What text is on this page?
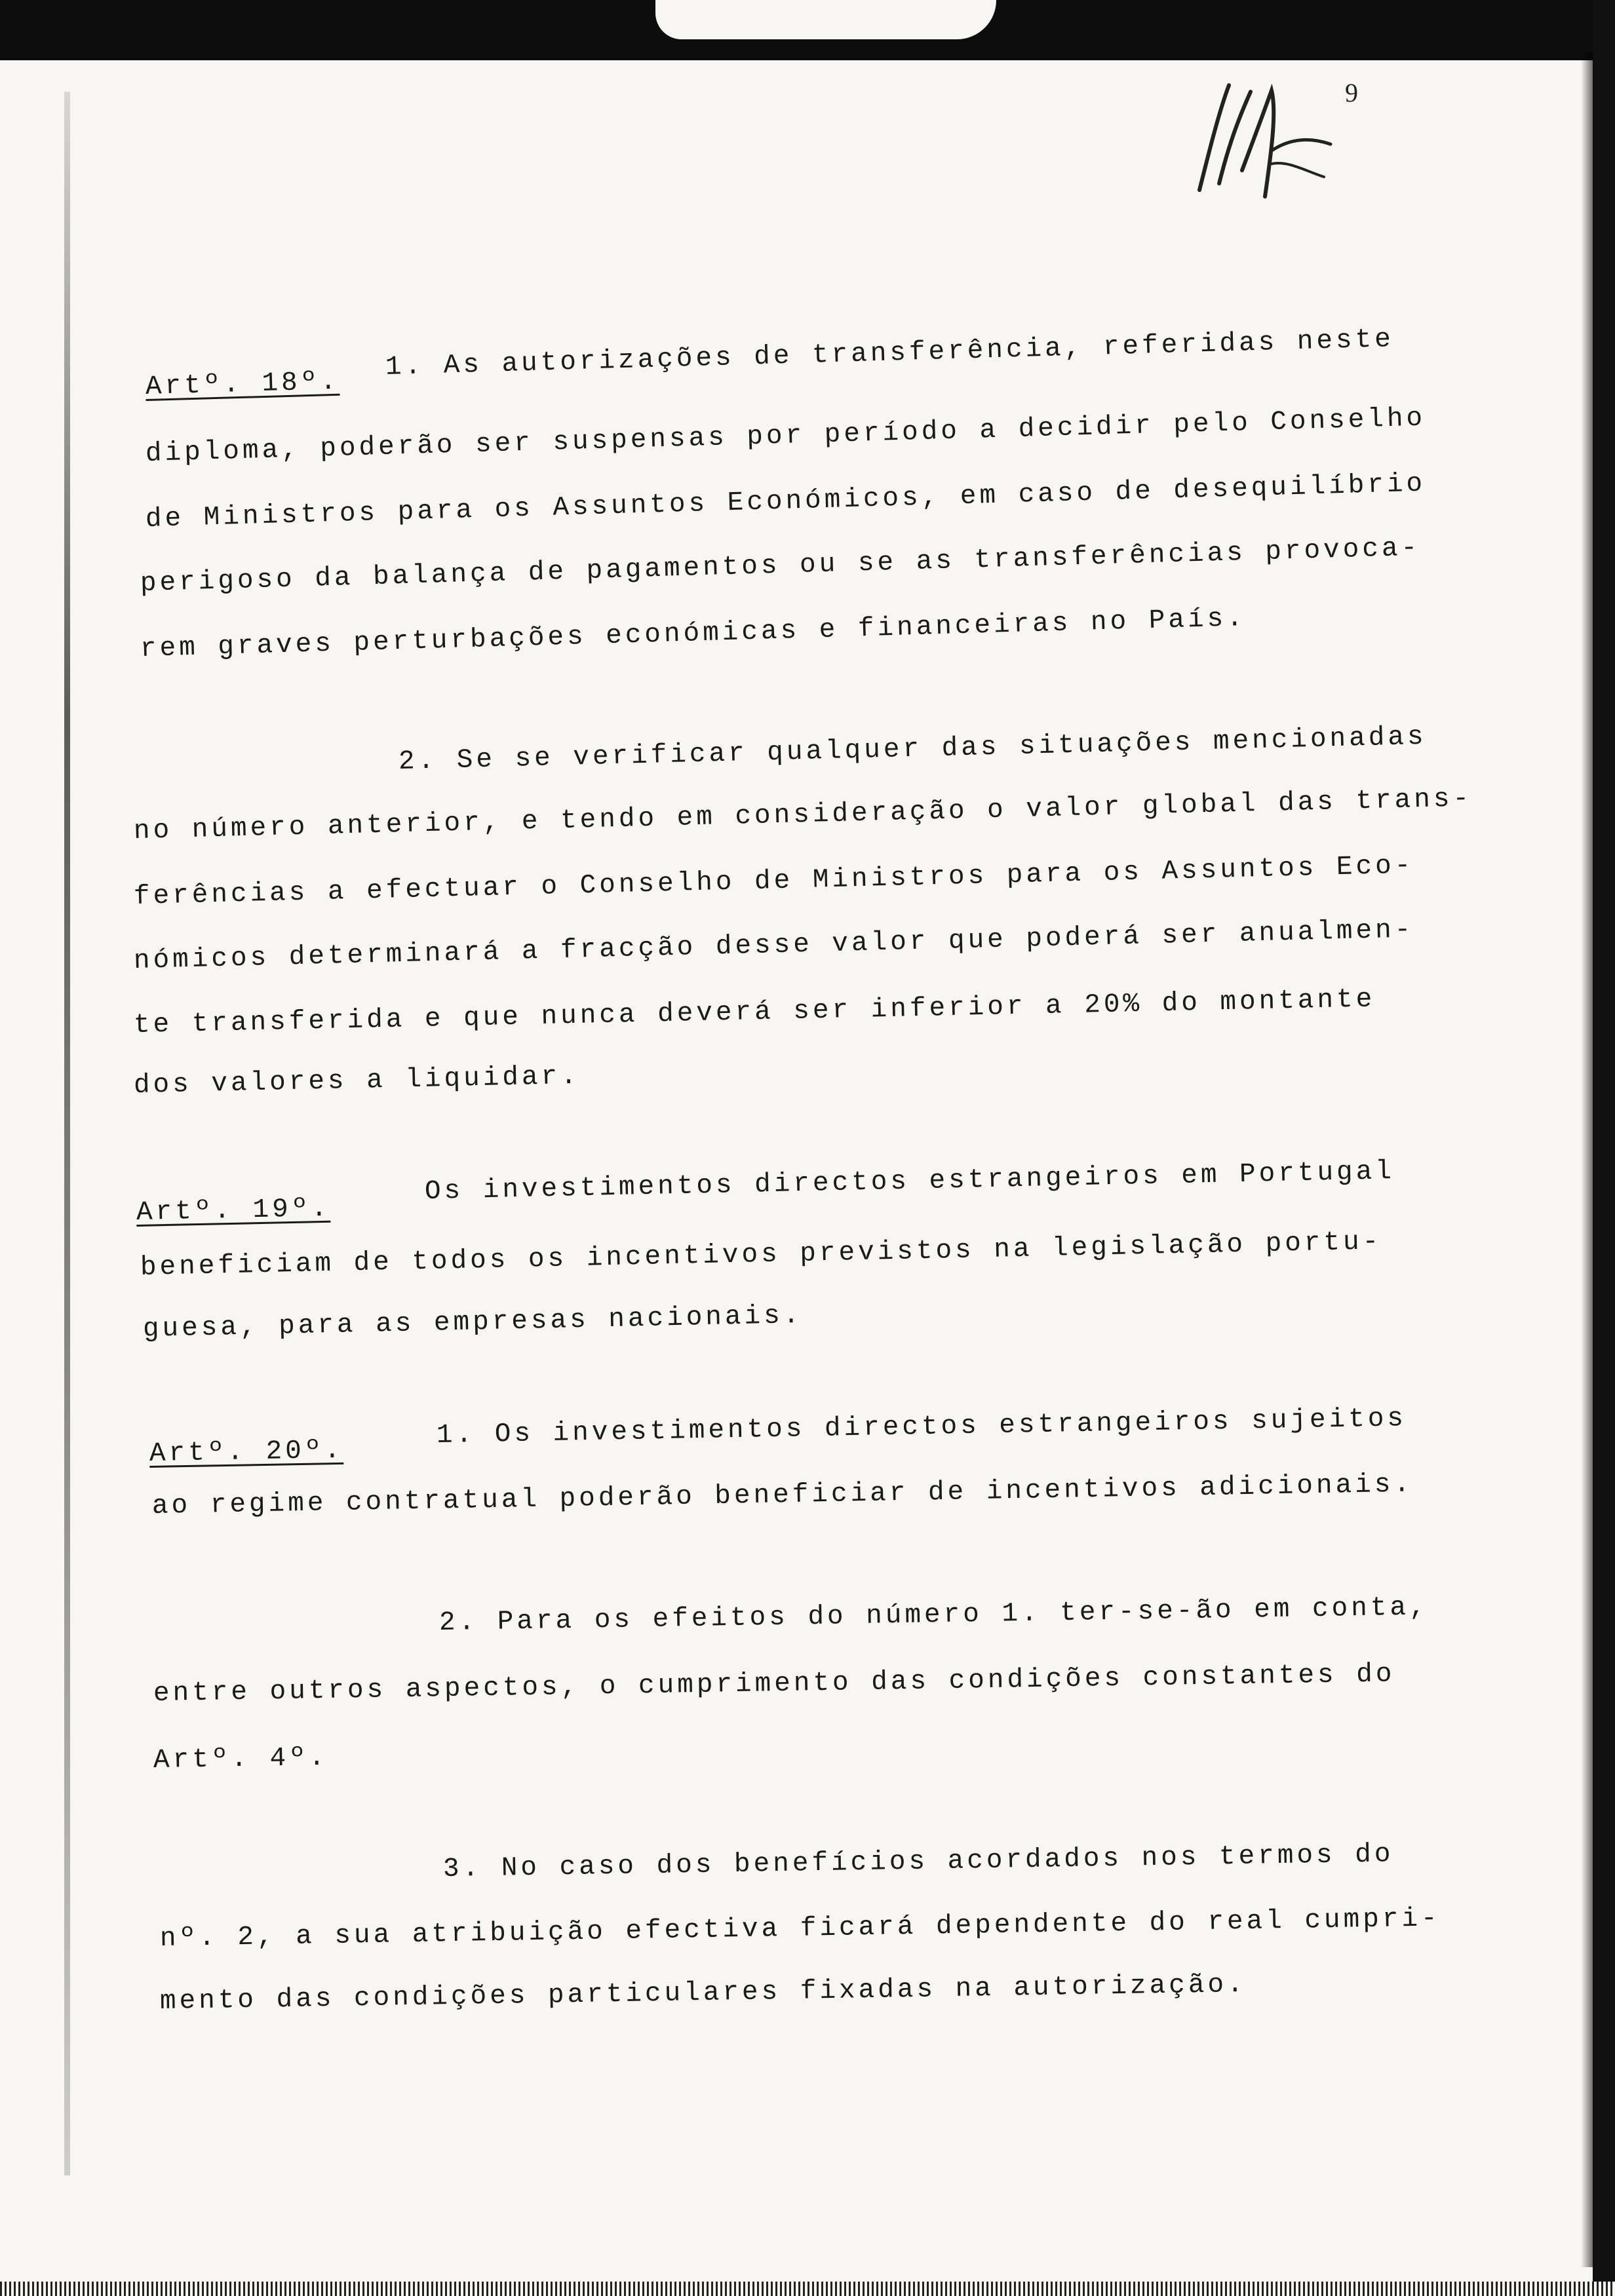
9
Artº. 18º.
1. As autorizações de transferência, referidas neste
diploma, poderão ser suspensas por período a decidir pelo Conselho
de Ministros para os Assuntos Económicos, em caso de desequilíbrio
perigoso da balança de pagamentos ou se as transferências provoca-
rem graves perturbações económicas e financeiras no País.
2. Se se verificar qualquer das situações mencionadas
no número anterior, e tendo em consideração o valor global das trans-
ferências a efectuar o Conselho de Ministros para os Assuntos Eco-
nómicos determinará a fracção desse valor que poderá ser anualmen-
te transferida e que nunca deverá ser inferior a 20% do montante
dos valores a liquidar.
Artº. 19º.
Os investimentos directos estrangeiros em Portugal
beneficiam de todos os incentivos previstos na legislação portu-
guesa, para as empresas nacionais.
Artº. 20º.
1. Os investimentos directos estrangeiros sujeitos
ao regime contratual poderão beneficiar de incentivos adicionais.
2. Para os efeitos do número 1. ter-se-ão em conta,
entre outros aspectos, o cumprimento das condições constantes do
Artº. 4º.
3. No caso dos benefícios acordados nos termos do
nº. 2, a sua atribuição efectiva ficará dependente do real cumpri-
mento das condições particulares fixadas na autorização.
